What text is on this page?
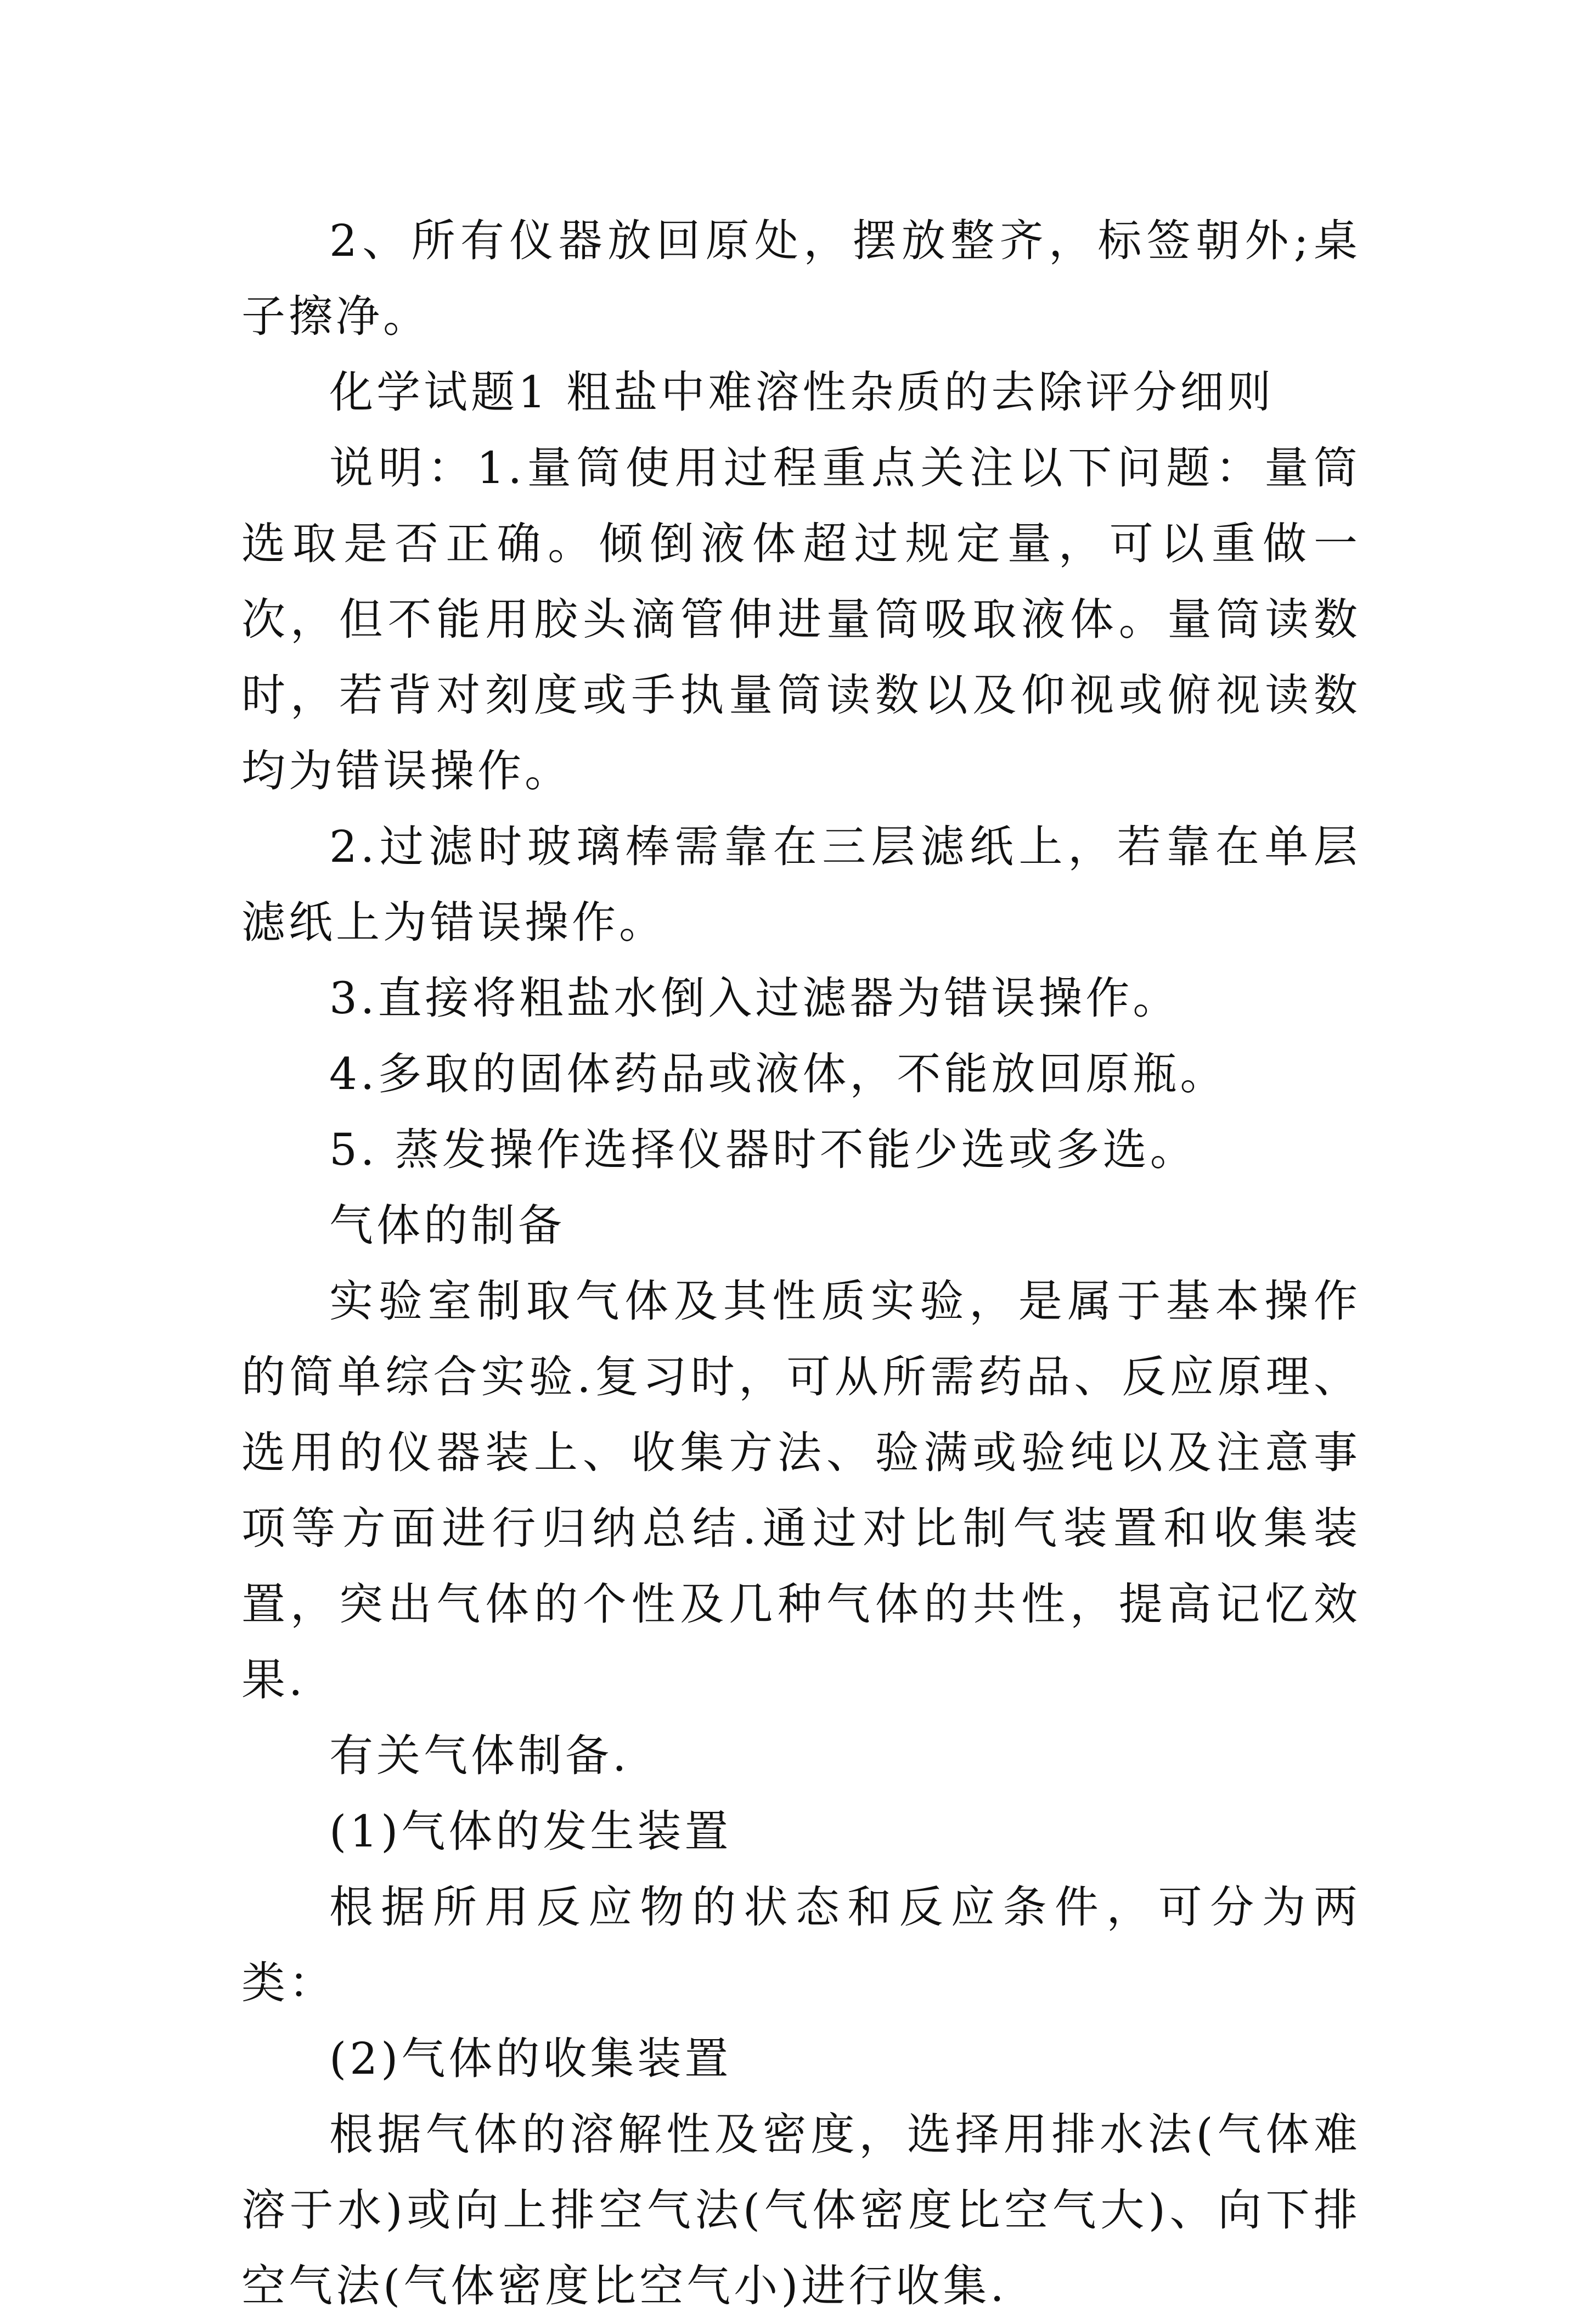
2、所有仪器放回原处，摆放整齐，标签朝外;桌子擦净。

化学试题1 粗盐中难溶性杂质的去除评分细则

说明：1.量筒使用过程重点关注以下问题：量筒选取是否正确。倾倒液体超过规定量，可以重做一次，但不能用胶头滴管伸进量筒吸取液体。量筒读数时，若背对刻度或手执量筒读数以及仰视或俯视读数均为错误操作。

2.过滤时玻璃棒需靠在三层滤纸上，若靠在单层滤纸上为错误操作。

3.直接将粗盐水倒入过滤器为错误操作。

4.多取的固体药品或液体，不能放回原瓶。

5. 蒸发操作选择仪器时不能少选或多选。

气体的制备

实验室制取气体及其性质实验，是属于基本操作的简单综合实验.复习时，可从所需药品、反应原理、选用的仪器装上、收集方法、验满或验纯以及注意事项等方面进行归纳总结.通过对比制气装置和收集装置，突出气体的个性及几种气体的共性，提高记忆效果.

有关气体制备.

(1)气体的发生装置

根据所用反应物的状态和反应条件，可分为两类：

(2)气体的收集装置

根据气体的溶解性及密度，选择用排水法(气体难溶于水)或向上排空气法(气体密度比空气大)、向下排空气法(气体密度比空气小)进行收集.
